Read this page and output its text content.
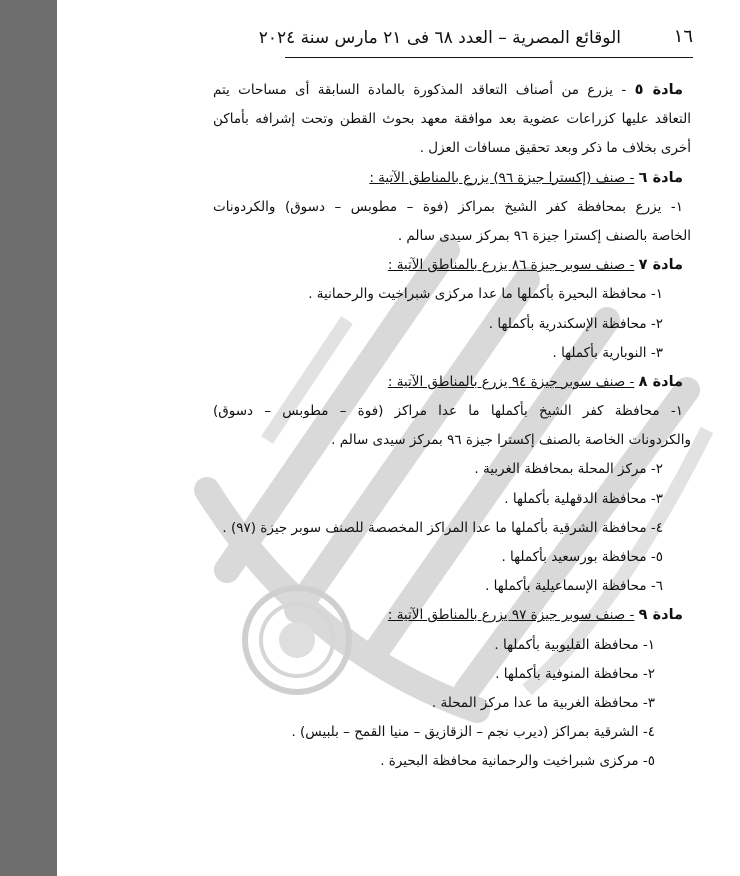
١٦
الوقائع المصرية – العدد ٦٨ فى ٢١ مارس سنة ٢٠٢٤
مادة ٥ - يزرع من أصناف التعاقد المذكورة بالمادة السابقة أى مساحات يتم
التعاقد عليها كزراعات عضوية بعد موافقة معهد بحوث القطن وتحت إشرافه بأماكن
أخرى بخلاف ما ذكر وبعد تحقيق مسافات العزل .
مادة ٦ - صنف (إكسترا جيزة ٩٦) يزرع بالمناطق الآتية :
١- يزرع بمحافظة كفر الشيخ بمراكز (فوة – مطوبس – دسوق) والكردونات
الخاصة بالصنف إكسترا جيزة ٩٦ بمركز سيدى سالم .
مادة ٧ - صنف سوبر جيزة ٨٦ يزرع بالمناطق الآتية :
١- محافظة البحيرة بأكملها ما عدا مركزى شبراخيت والرحمانية .
٢- محافظة الإسكندرية بأكملها .
٣- النوبارية بأكملها .
مادة ٨ - صنف سوبر جيزة ٩٤ يزرع بالمناطق الآتية :
١- محافظة كفر الشيخ بأكملها ما عدا مراكز (فوة – مطوبس – دسوق)
والكردونات الخاصة بالصنف إكسترا جيزة ٩٦ بمركز سيدى سالم .
٢- مركز المحلة بمحافظة الغربية .
٣- محافظة الدقهلية بأكملها .
٤- محافظة الشرقية بأكملها ما عدا المراكز المخصصة للصنف سوبر جيزة (٩٧) .
٥- محافظة بورسعيد بأكملها .
٦- محافظة الإسماعيلية بأكملها .
مادة ٩ - صنف سوبر جيزة ٩٧ يزرع بالمناطق الآتية :
١- محافظة القليوبية بأكملها .
٢- محافظة المنوفية بأكملها .
٣- محافظة الغربية ما عدا مركز المحلة .
٤- الشرقية بمراكز (ديرب نجم – الزقازيق – منيا القمح – بلبيس) .
٥- مركزى شبراخيت والرحمانية محافظة البحيرة .
